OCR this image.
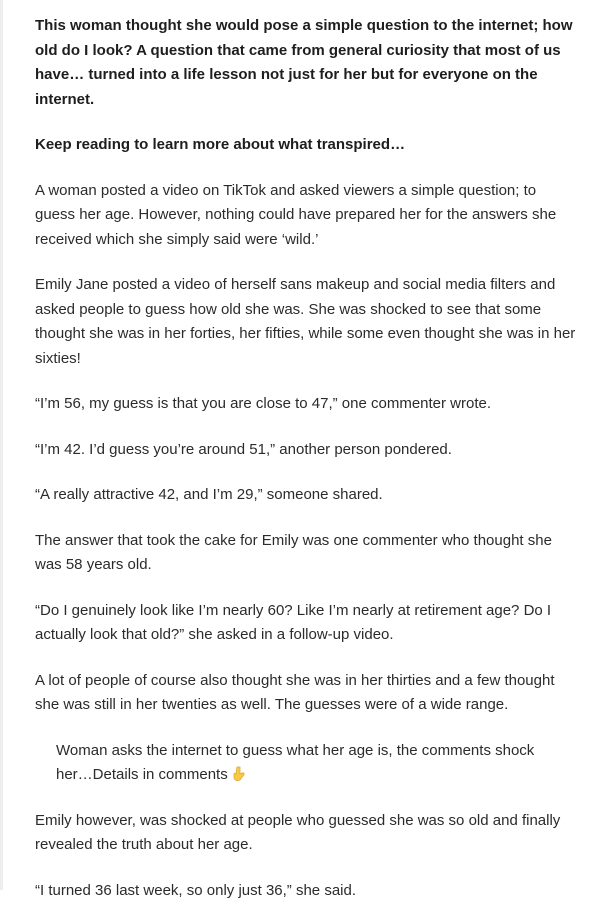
This woman thought she would pose a simple question to the internet; how old do I look? A question that came from general curiosity that most of us have… turned into a life lesson not just for her but for everyone on the internet.

Keep reading to learn more about what transpired…

A woman posted a video on TikTok and asked viewers a simple question; to guess her age. However, nothing could have prepared her for the answers she received which she simply said were ‘wild.’

Emily Jane posted a video of herself sans makeup and social media filters and asked people to guess how old she was. She was shocked to see that some thought she was in her forties, her fifties, while some even thought she was in her sixties!

“I’m 56, my guess is that you are close to 47,” one commenter wrote.

“I’m 42. I’d guess you’re around 51,” another person pondered.

“A really attractive 42, and I’m 29,” someone shared.

The answer that took the cake for Emily was one commenter who thought she was 58 years old.

“Do I genuinely look like I’m nearly 60? Like I’m nearly at retirement age? Do I actually look that old?” she asked in a follow-up video.

A lot of people of course also thought she was in her thirties and a few thought she was still in her twenties as well. The guesses were of a wide range.

Woman asks the internet to guess what her age is, the comments shock her…Details in comments

Emily however, was shocked at people who guessed she was so old and finally revealed the truth about her age.

“I turned 36 last week, so only just 36,” she said.
